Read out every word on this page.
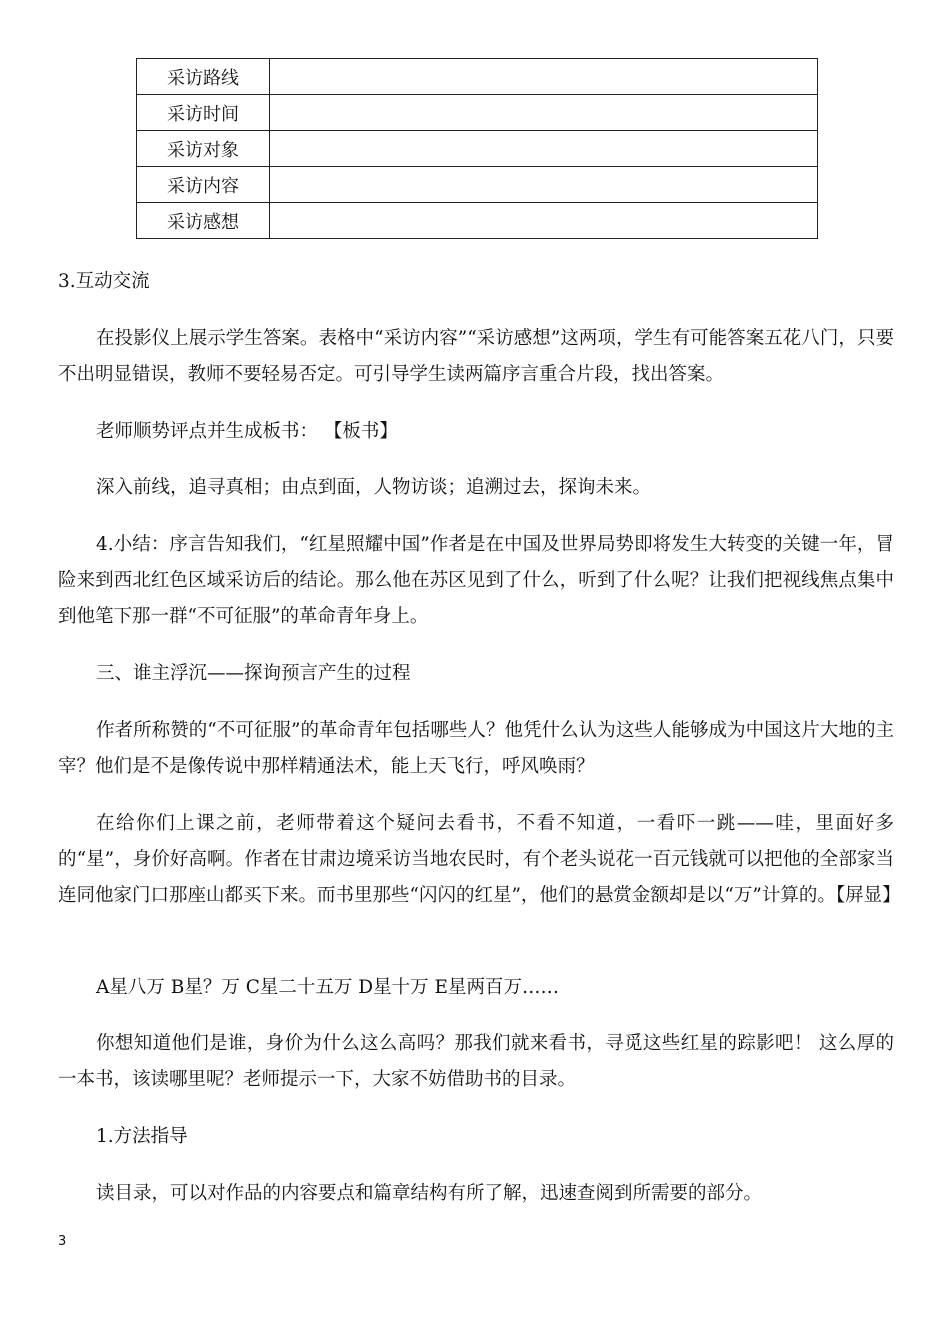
采访路线	
采访时间	
采访对象	
采访内容	
采访感想	

3.互动交流

在投影仪上展示学生答案。表格中“采访内容”“采访感想”这两项，学生有可能答案五花八门，只要不出明显错误，教师不要轻易否定。可引导学生读两篇序言重合片段，找出答案。

老师顺势评点并生成板书： 【板书】

深入前线，追寻真相；由点到面，人物访谈；追溯过去，探询未来。

4.小结：序言告知我们，“红星照耀中国”作者是在中国及世界局势即将发生大转变的关键一年，冒险来到西北红色区域采访后的结论。那么他在苏区见到了什么，听到了什么呢？让我们把视线焦点集中到他笔下那一群“不可征服”的革命青年身上。

三、谁主浮沉——探询预言产生的过程

作者所称赞的“不可征服”的革命青年包括哪些人？他凭什么认为这些人能够成为中国这片大地的主宰？他们是不是像传说中那样精通法术，能上天飞行，呼风唤雨？

在给你们上课之前，老师带着这个疑问去看书，不看不知道，一看吓一跳——哇，里面好多的“星”，身价好高啊。作者在甘肃边境采访当地农民时，有个老头说花一百元钱就可以把他的全部家当连同他家门口那座山都买下来。而书里那些“闪闪的红星”，他们的悬赏金额却是以“万”计算的。【屏显】

A星八万 B星？万 C星二十五万 D星十万 E星两百万……

你想知道他们是谁，身价为什么这么高吗？那我们就来看书，寻觅这些红星的踪影吧！ 这么厚的一本书，该读哪里呢？老师提示一下，大家不妨借助书的目录。

1.方法指导

读目录，可以对作品的内容要点和篇章结构有所了解，迅速查阅到所需要的部分。

3
